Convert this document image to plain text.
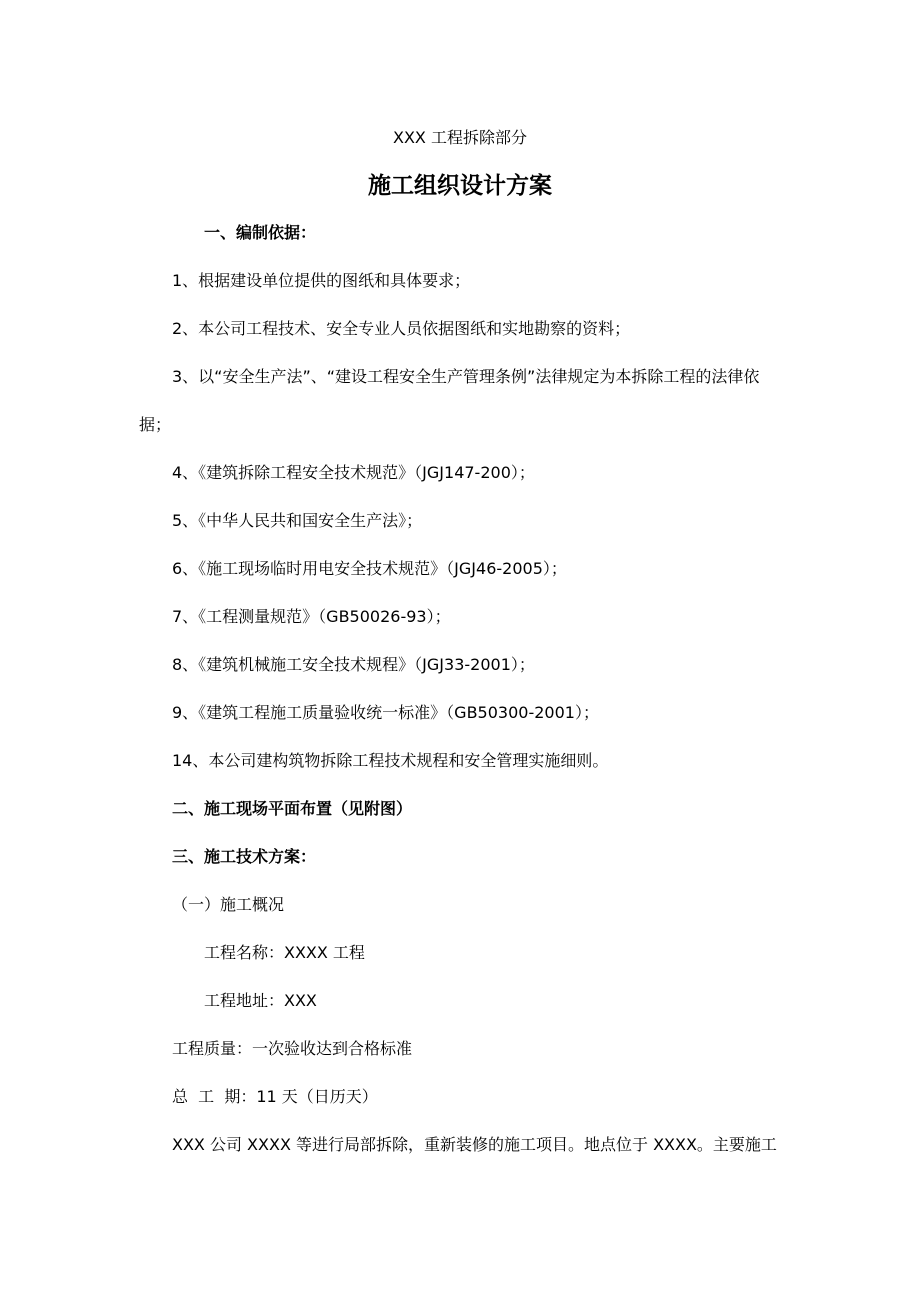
XXX 工程拆除部分
施工组织设计方案
一、编制依据：
1、根据建设单位提供的图纸和具体要求；
2、本公司工程技术、安全专业人员依据图纸和实地勘察的资料；
3、以“安全生产法”、“建设工程安全生产管理条例”法律规定为本拆除工程的法律依
据；
4、《建筑拆除工程安全技术规范》（JGJ147-200）；
5、《中华人民共和国安全生产法》；
6、《施工现场临时用电安全技术规范》（JGJ46-2005）；
7、《工程测量规范》（GB50026-93）；
8、《建筑机械施工安全技术规程》（JGJ33-2001）；
9、《建筑工程施工质量验收统一标准》（GB50300-2001）；
14、本公司建构筑物拆除工程技术规程和安全管理实施细则。
二、施工现场平面布置（见附图）
三、施工技术方案：
（一）施工概况
工程名称：XXXX 工程
工程地址：XXX
工程质量：一次验收达到合格标准
总  工  期：11 天（日历天）
XXX 公司 XXXX 等进行局部拆除，重新装修的施工项目。地点位于 XXXX。主要施工
